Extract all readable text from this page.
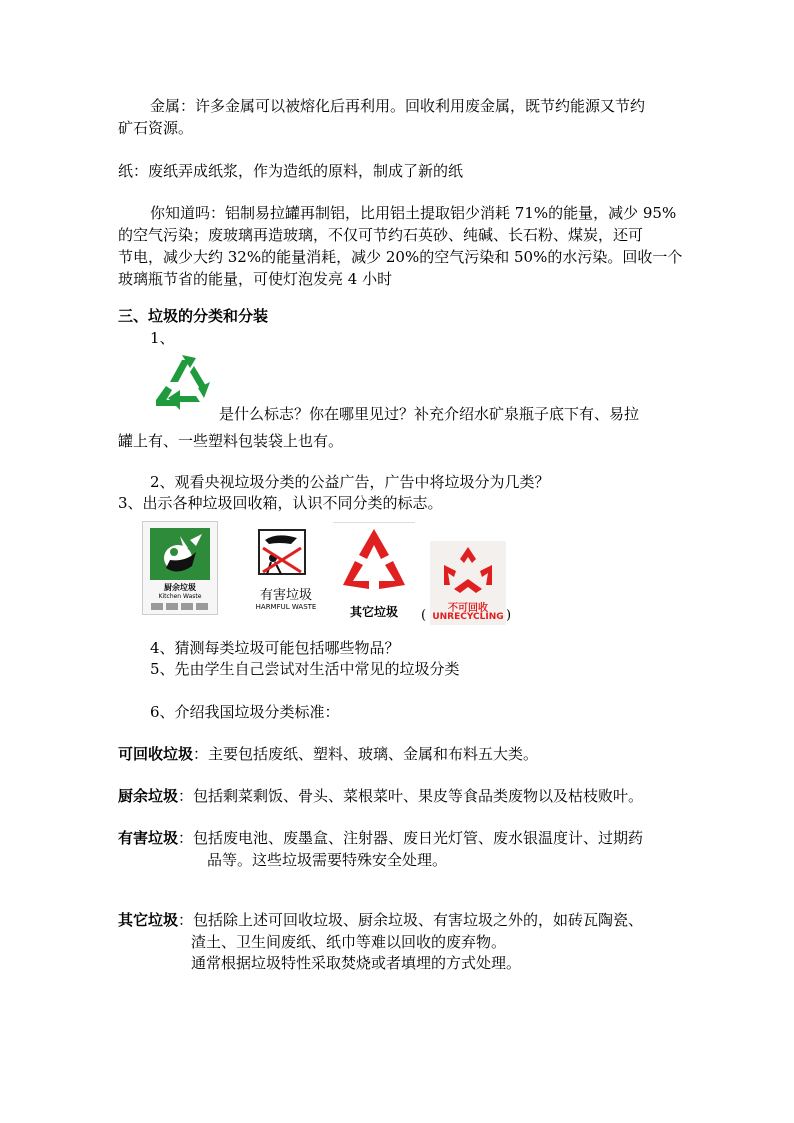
金属：许多金属可以被熔化后再利用。回收利用废金属，既节约能源又节约
矿石资源。
纸：废纸弄成纸浆，作为造纸的原料，制成了新的纸
你知道吗：铝制易拉罐再制铝，比用铝土提取铝少消耗 71%的能量，减少 95%
的空气污染；废玻璃再造玻璃，不仅可节约石英砂、纯碱、长石粉、煤炭，还可
节电，减少大约 32%的能量消耗，减少 20%的空气污染和 50%的水污染。回收一个
玻璃瓶节省的能量，可使灯泡发亮 4 小时
三、垃圾的分类和分装
1、
是什么标志？你在哪里见过？补充介绍水矿泉瓶子底下有、易拉
罐上有、一些塑料包装袋上也有。
2、观看央视垃圾分类的公益广告，广告中将垃圾分为几类？
3、出示各种垃圾回收箱，认识不同分类的标志。
厨余垃圾
Kitchen Waste	有害垃圾
HARMFUL WASTE	其它垃圾	(	不可回收
UNRECYCLING )
4、猜测每类垃圾可能包括哪些物品？
5、先由学生自己尝试对生活中常见的垃圾分类
6、介绍我国垃圾分类标准：
可回收垃圾：主要包括废纸、塑料、玻璃、金属和布料五大类。
厨余垃圾：包括剩菜剩饭、骨头、菜根菜叶、果皮等食品类废物以及枯枝败叶。
有害垃圾：包括废电池、废墨盒、注射器、废日光灯管、废水银温度计、过期药
品等。这些垃圾需要特殊安全处理。
其它垃圾：包括除上述可回收垃圾、厨余垃圾、有害垃圾之外的，如砖瓦陶瓷、
渣土、卫生间废纸、纸巾等难以回收的废弃物。
通常根据垃圾特性采取焚烧或者填埋的方式处理。
